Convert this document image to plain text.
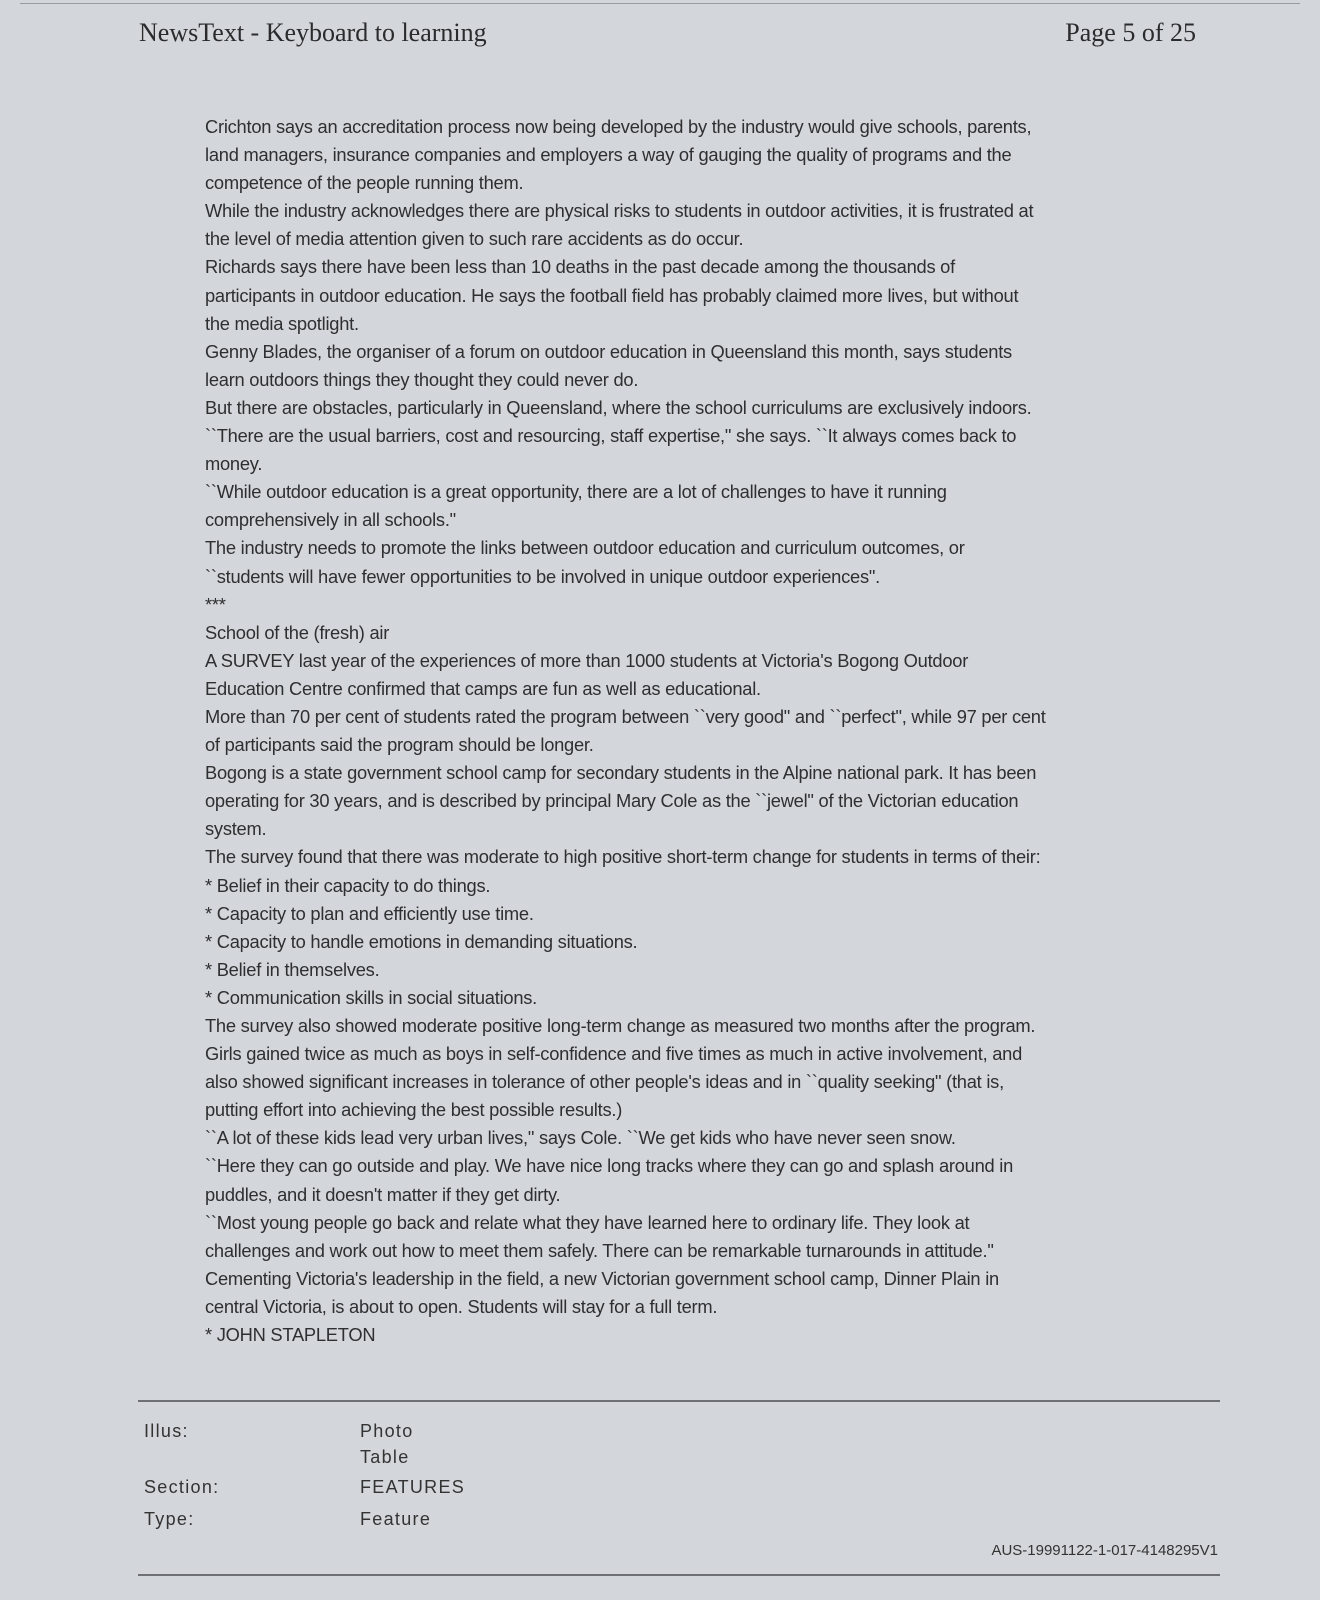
NewsText - Keyboard to learning	Page 5 of 25
Crichton says an accreditation process now being developed by the industry would give schools, parents,
land managers, insurance companies and employers a way of gauging the quality of programs and the
competence of the people running them.
While the industry acknowledges there are physical risks to students in outdoor activities, it is frustrated at
the level of media attention given to such rare accidents as do occur.
Richards says there have been less than 10 deaths in the past decade among the thousands of
participants in outdoor education. He says the football field has probably claimed more lives, but without
the media spotlight.
Genny Blades, the organiser of a forum on outdoor education in Queensland this month, says students
learn outdoors things they thought they could never do.
But there are obstacles, particularly in Queensland, where the school curriculums are exclusively indoors.
``There are the usual barriers, cost and resourcing, staff expertise," she says. ``It always comes back to
money.
``While outdoor education is a great opportunity, there are a lot of challenges to have it running
comprehensively in all schools."
The industry needs to promote the links between outdoor education and curriculum outcomes, or
``students will have fewer opportunities to be involved in unique outdoor experiences".
***
School of the (fresh) air
A SURVEY last year of the experiences of more than 1000 students at Victoria's Bogong Outdoor
Education Centre confirmed that camps are fun as well as educational.
More than 70 per cent of students rated the program between ``very good" and ``perfect", while 97 per cent
of participants said the program should be longer.
Bogong is a state government school camp for secondary students in the Alpine national park. It has been
operating for 30 years, and is described by principal Mary Cole as the ``jewel" of the Victorian education
system.
The survey found that there was moderate to high positive short-term change for students in terms of their:
* Belief in their capacity to do things.
* Capacity to plan and efficiently use time.
* Capacity to handle emotions in demanding situations.
* Belief in themselves.
* Communication skills in social situations.
The survey also showed moderate positive long-term change as measured two months after the program.
Girls gained twice as much as boys in self-confidence and five times as much in active involvement, and
also showed significant increases in tolerance of other people's ideas and in ``quality seeking" (that is,
putting effort into achieving the best possible results.)
``A lot of these kids lead very urban lives," says Cole. ``We get kids who have never seen snow.
``Here they can go outside and play. We have nice long tracks where they can go and splash around in
puddles, and it doesn't matter if they get dirty.
``Most young people go back and relate what they have learned here to ordinary life. They look at
challenges and work out how to meet them safely. There can be remarkable turnarounds in attitude."
Cementing Victoria's leadership in the field, a new Victorian government school camp, Dinner Plain in
central Victoria, is about to open. Students will stay for a full term.
* JOHN STAPLETON
Illus:	Photo
Table
Section:	FEATURES
Type:	Feature
AUS-19991122-1-017-4148295V1
